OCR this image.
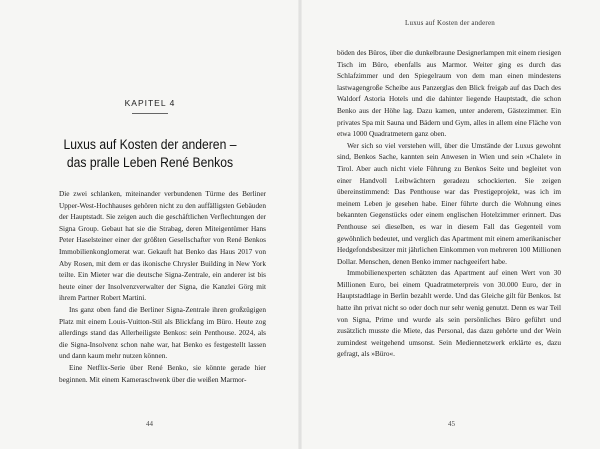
KAPITEL 4
Luxus auf Kosten der anderen –
das pralle Leben René Benkos

Die zwei schlanken, miteinander verbundenen Türme des Berliner Upper-West-Hochhauses gehören nicht zu den auffälligsten Gebäuden der Hauptstadt. Sie zeigen auch die geschäftlichen Verflechtungen der Signa Group. Gebaut hat sie die Strabag, deren Miteigentümer Hans Peter Haselsteiner einer der größten Gesellschafter von René Benkos Immobilienkonglomerat war. Gekauft hat Benko das Haus 2017 von Aby Rosen, mit dem er das ikonische Chrysler Building in New York teilte. Ein Mieter war die deutsche Signa-Zentrale, ein anderer ist bis heute einer der Insolvenzverwalter der Signa, die Kanzlei Görg mit ihrem Partner Robert Martini.

Ins ganz oben fand die Berliner Signa-Zentrale ihren großzügigen Platz mit einem Louis-Vuitton-Stil als Blickfang im Büro. Heute zog allerdings stand das Allerheiligste Benkos: sein Penthouse. 2024, als die Signa-Insolvenz schon nahe war, hat Benko es festgestellt lassen und dann kaum mehr nutzen können.

Eine Netflix-Serie über René Benko, sie könnte gerade hier beginnen. Mit einem Kameraschwenk über die weißen Marmor-

44
Luxus auf Kosten der anderen

böden des Büros, über die dunkelbraune Designerlampen mit einem riesigen Tisch im Büro, ebenfalls aus Marmor. Weiter ging es durch das Schlafzimmer und den Spiegelraum von dem man einen mindestens lastwagengroße Scheibe aus Panzerglas den Blick freigab auf das Dach des Waldorf Astoria Hotels und die dahinter liegende Hauptstadt, die schon Benko aus der Höhe lag. Dazu kamen, unter anderem, Gästezimmer. Ein privates Spa mit Sauna und Bädern und Gym, alles in allem eine Fläche von etwa 1000 Quadratmetern ganz oben.

Wer sich so viel verstehen will, über die Umstände der Luxus gewohnt sind, Benkos Sache, kannten sein Anwesen in Wien und sein »Chalet« in Tirol. Aber auch nicht viele Führung zu Benkos Seite und begleitet von einer Handvoll Leibwächtern geradezu schockierten. Sie zeigen übereinstimmend: Das Penthouse war das Prestigeprojekt, was ich im meinem Leben je gesehen habe. Einer führte durch die Wohnung eines bekannten Gegenstücks oder einem englischen Hotelzimmer erinnert. Das Penthouse sei dieselben, es war in diesem Fall das Gegenteil vom gewöhnlich bedeutet, und verglich das Apartment mit einem amerikanischer Hedgefondsbesitzer mit jährlichen Einkommen von mehreren 100 Millionen Dollar. Menschen, denen Benko immer nachgeeifert habe.

Immobilienexperten schätzten das Apartment auf einen Wert von 30 Millionen Euro, bei einem Quadratmeterpreis von 30.000 Euro, der in Hauptstadtlage in Berlin bezahlt werde. Und das Gleiche gilt für Benkos. Ist hatte ihn privat nicht so oder doch nur sehr wenig genutzt. Denn es war Teil von Signa, Prime und wurde als sein persönliches Büro geführt und zusätzlich musste die Miete, das Personal, das dazu gehörte und der Wein zumindest weitgehend umsonst. Sein Mediennetzwerk erklärte es, dazu gefragt, als »Büro«.

45
